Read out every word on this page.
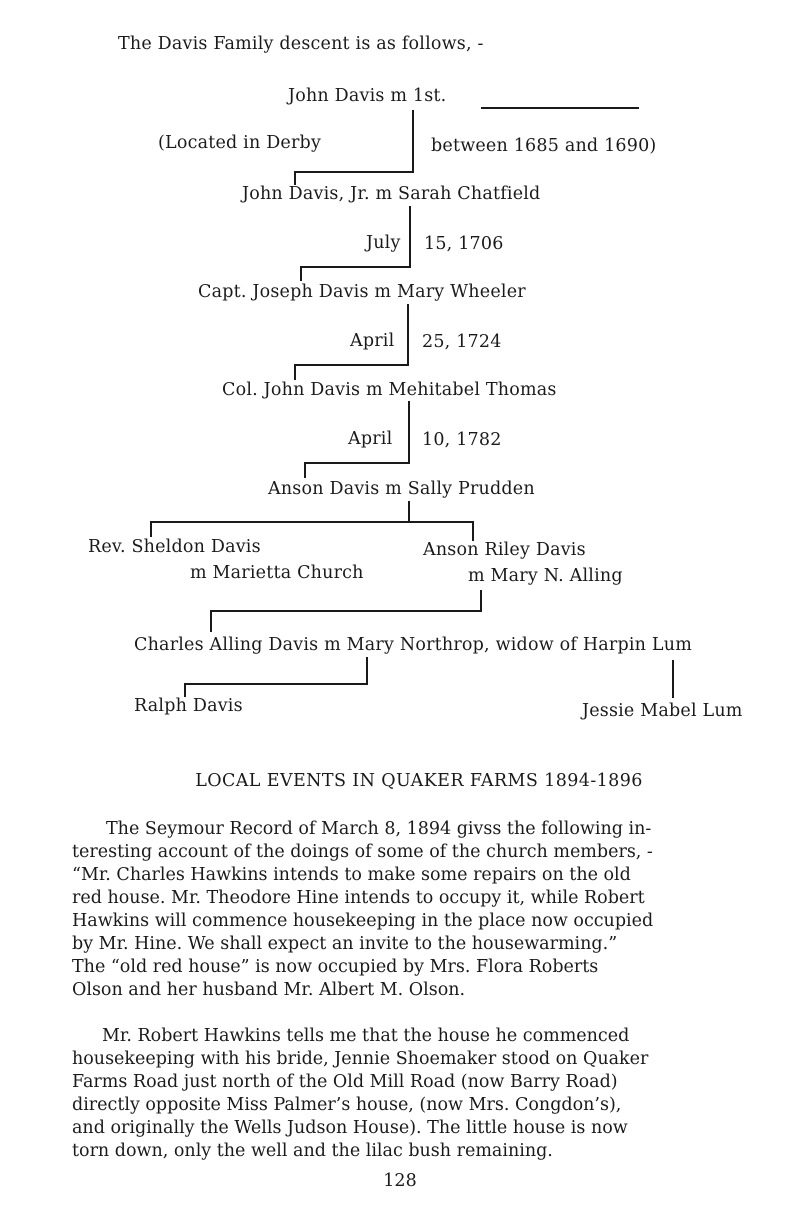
The Davis Family descent is as follows, -
John Davis m 1st.
(Located in Derby	between 1685 and 1690)
John Davis, Jr. m Sarah Chatfield
July 15, 1706
Capt. Joseph Davis m Mary Wheeler
April 25, 1724
Col. John Davis m Mehitabel Thomas
April 10, 1782
Anson Davis m Sally Prudden
Rev. Sheldon Davis
m Marietta Church
Anson Riley Davis
m Mary N. Alling
Charles Alling Davis m Mary Northrop, widow of Harpin Lum
Ralph Davis	Jessie Mabel Lum
LOCAL EVENTS IN QUAKER FARMS 1894-1896

The Seymour Record of March 8, 1894 givss the following in-

teresting account of the doings of some of the church members, -

“Mr. Charles Hawkins intends to make some repairs on the old

red house. Mr. Theodore Hine intends to occupy it, while Robert

Hawkins will commence housekeeping in the place now occupied

by Mr. Hine. We shall expect an invite to the housewarming.”

The “old red house” is now occupied by Mrs. Flora Roberts

Olson and her husband Mr. Albert M. Olson.

Mr. Robert Hawkins tells me that the house he commenced

housekeeping with his bride, Jennie Shoemaker stood on Quaker

Farms Road just north of the Old Mill Road (now Barry Road)

directly opposite Miss Palmer’s house, (now Mrs. Congdon’s),

and originally the Wells Judson House). The little house is now

torn down, only the well and the lilac bush remaining.

128
